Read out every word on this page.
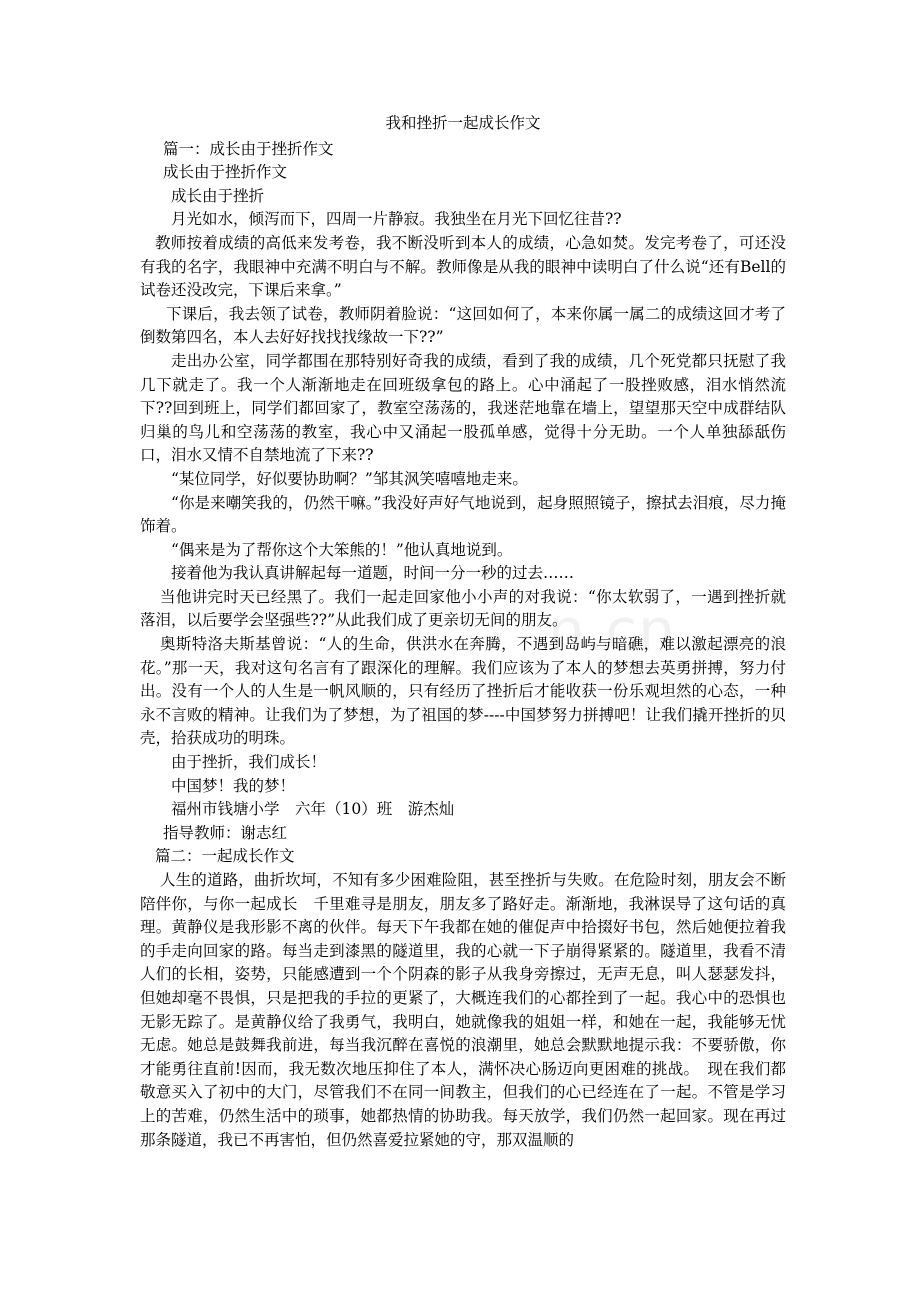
我和挫折一起成长作文

篇一：成长由于挫折作文

成长由于挫折作文

成长由于挫折

月光如水，倾泻而下，四周一片静寂。我独坐在月光下回忆往昔??

教师按着成绩的高低来发考卷，我不断没听到本人的成绩，心急如焚。发完考卷了，可还没有我的名字，我眼神中充满不明白与不解。教师像是从我的眼神中读明白了什么说“还有Bell的试卷还没改完，下课后来拿。”

下课后，我去领了试卷，教师阴着脸说：“这回如何了，本来你属一属二的成绩这回才考了倒数第四名，本人去好好找找找缘故一下??”

走出办公室，同学都围在那特别好奇我的成绩，看到了我的成绩，几个死党都只抚慰了我几下就走了。我一个人渐渐地走在回班级拿包的路上。心中涌起了一股挫败感，泪水悄然流下??回到班上，同学们都回家了，教室空荡荡的，我迷茫地靠在墙上，望望那天空中成群结队归巢的鸟儿和空荡荡的教室，我心中又涌起一股孤单感，觉得十分无助。一个人单独舔舐伤口，泪水又情不自禁地流了下来??

“某位同学，好似要协助啊？”邹其沨笑嘻嘻地走来。

“你是来嘲笑我的，仍然干嘛。”我没好声好气地说到，起身照照镜子，擦拭去泪痕，尽力掩饰着。

“偶来是为了帮你这个大笨熊的！”他认真地说到。

接着他为我认真讲解起每一道题，时间一分一秒的过去……

当他讲完时天已经黑了。我们一起走回家他小小声的对我说：“你太软弱了，一遇到挫折就落泪，以后要学会坚强些??”从此我们成了更亲切无间的朋友。

奥斯特洛夫斯基曾说：“人的生命，供洪水在奔腾，不遇到岛屿与暗礁，难以激起漂亮的浪花。”那一天，我对这句名言有了跟深化的理解。我们应该为了本人的梦想去英勇拼搏，努力付出。没有一个人的人生是一帆风顺的，只有经历了挫折后才能收获一份乐观坦然的心态，一种永不言败的精神。让我们为了梦想，为了祖国的梦----中国梦努力拼搏吧！让我们撬开挫折的贝壳，拾获成功的明珠。

由于挫折，我们成长！

中国梦！我的梦！

福州市钱塘小学　六年（10）班　游杰灿

指导教师：谢志红

篇二：一起成长作文

人生的道路，曲折坎坷，不知有多少困难险阻，甚至挫折与失败。在危险时刻，朋友会不断陪伴你，与你一起成长　千里难寻是朋友，朋友多了路好走。渐渐地，我淋误导了这句话的真理。黄静仪是我形影不离的伙伴。每天下午我都在她的催促声中拾掇好书包，然后她便拉着我的手走向回家的路。每当走到漆黑的隧道里，我的心就一下子崩得紧紧的。隧道里，我看不清人们的长相，姿势，只能感遭到一个个阴森的影子从我身旁擦过，无声无息，叫人瑟瑟发抖，但她却毫不畏惧，只是把我的手拉的更紧了，大概连我们的心都拴到了一起。我心中的恐惧也无影无踪了。是黄静仪给了我勇气，我明白，她就像我的姐姐一样，和她在一起，我能够无忧无虑。她总是鼓舞我前进，每当我沉醉在喜悦的浪潮里，她总会默默地提示我：不要骄傲，你才能勇往直前!因而，我无数次地压抑住了本人，满怀决心肠迈向更困难的挑战。　现在我们都敬意买入了初中的大门，尽管我们不在同一间教主，但我们的心已经连在了一起。不管是学习上的苦难，仍然生活中的琐事，她都热情的协助我。每天放学，我们仍然一起回家。现在再过那条隧道，我已不再害怕，但仍然喜爱拉紧她的守，那双温顺的

n.cn
